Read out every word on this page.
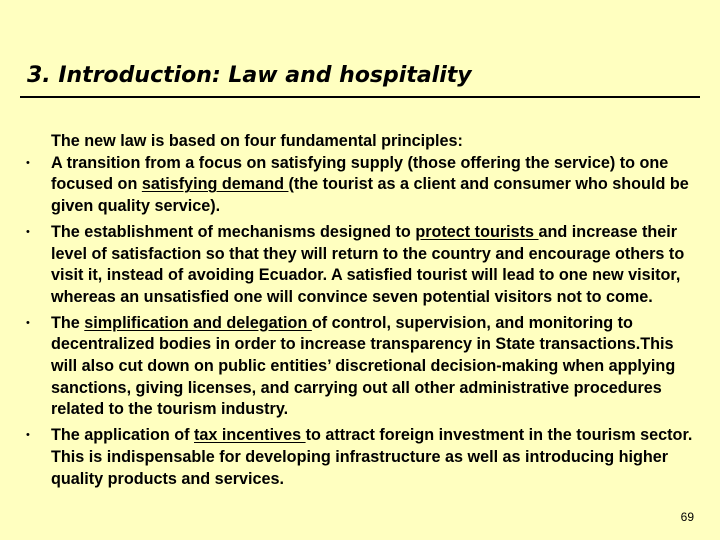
3. Introduction: Law and hospitality

The new law is based on four fundamental principles:

• A transition from a focus on satisfying supply (those offering the service) to one focused on satisfying demand (the tourist as a client and consumer who should be given quality service).
• The establishment of mechanisms designed to protect tourists and increase their level of satisfaction so that they will return to the country and encourage others to visit it, instead of avoiding Ecuador. A satisfied tourist will lead to one new visitor, whereas an unsatisfied one will convince seven potential visitors not to come.
• The simplification and delegation of control, supervision, and monitoring to decentralized bodies in order to increase transparency in State transactions.This will also cut down on public entities’ discretional decision-making when applying sanctions, giving licenses, and carrying out all other administrative procedures related to the tourism industry.
• The application of tax incentives to attract foreign investment in the tourism sector. This is indispensable for developing infrastructure as well as introducing higher quality products and services.
69
